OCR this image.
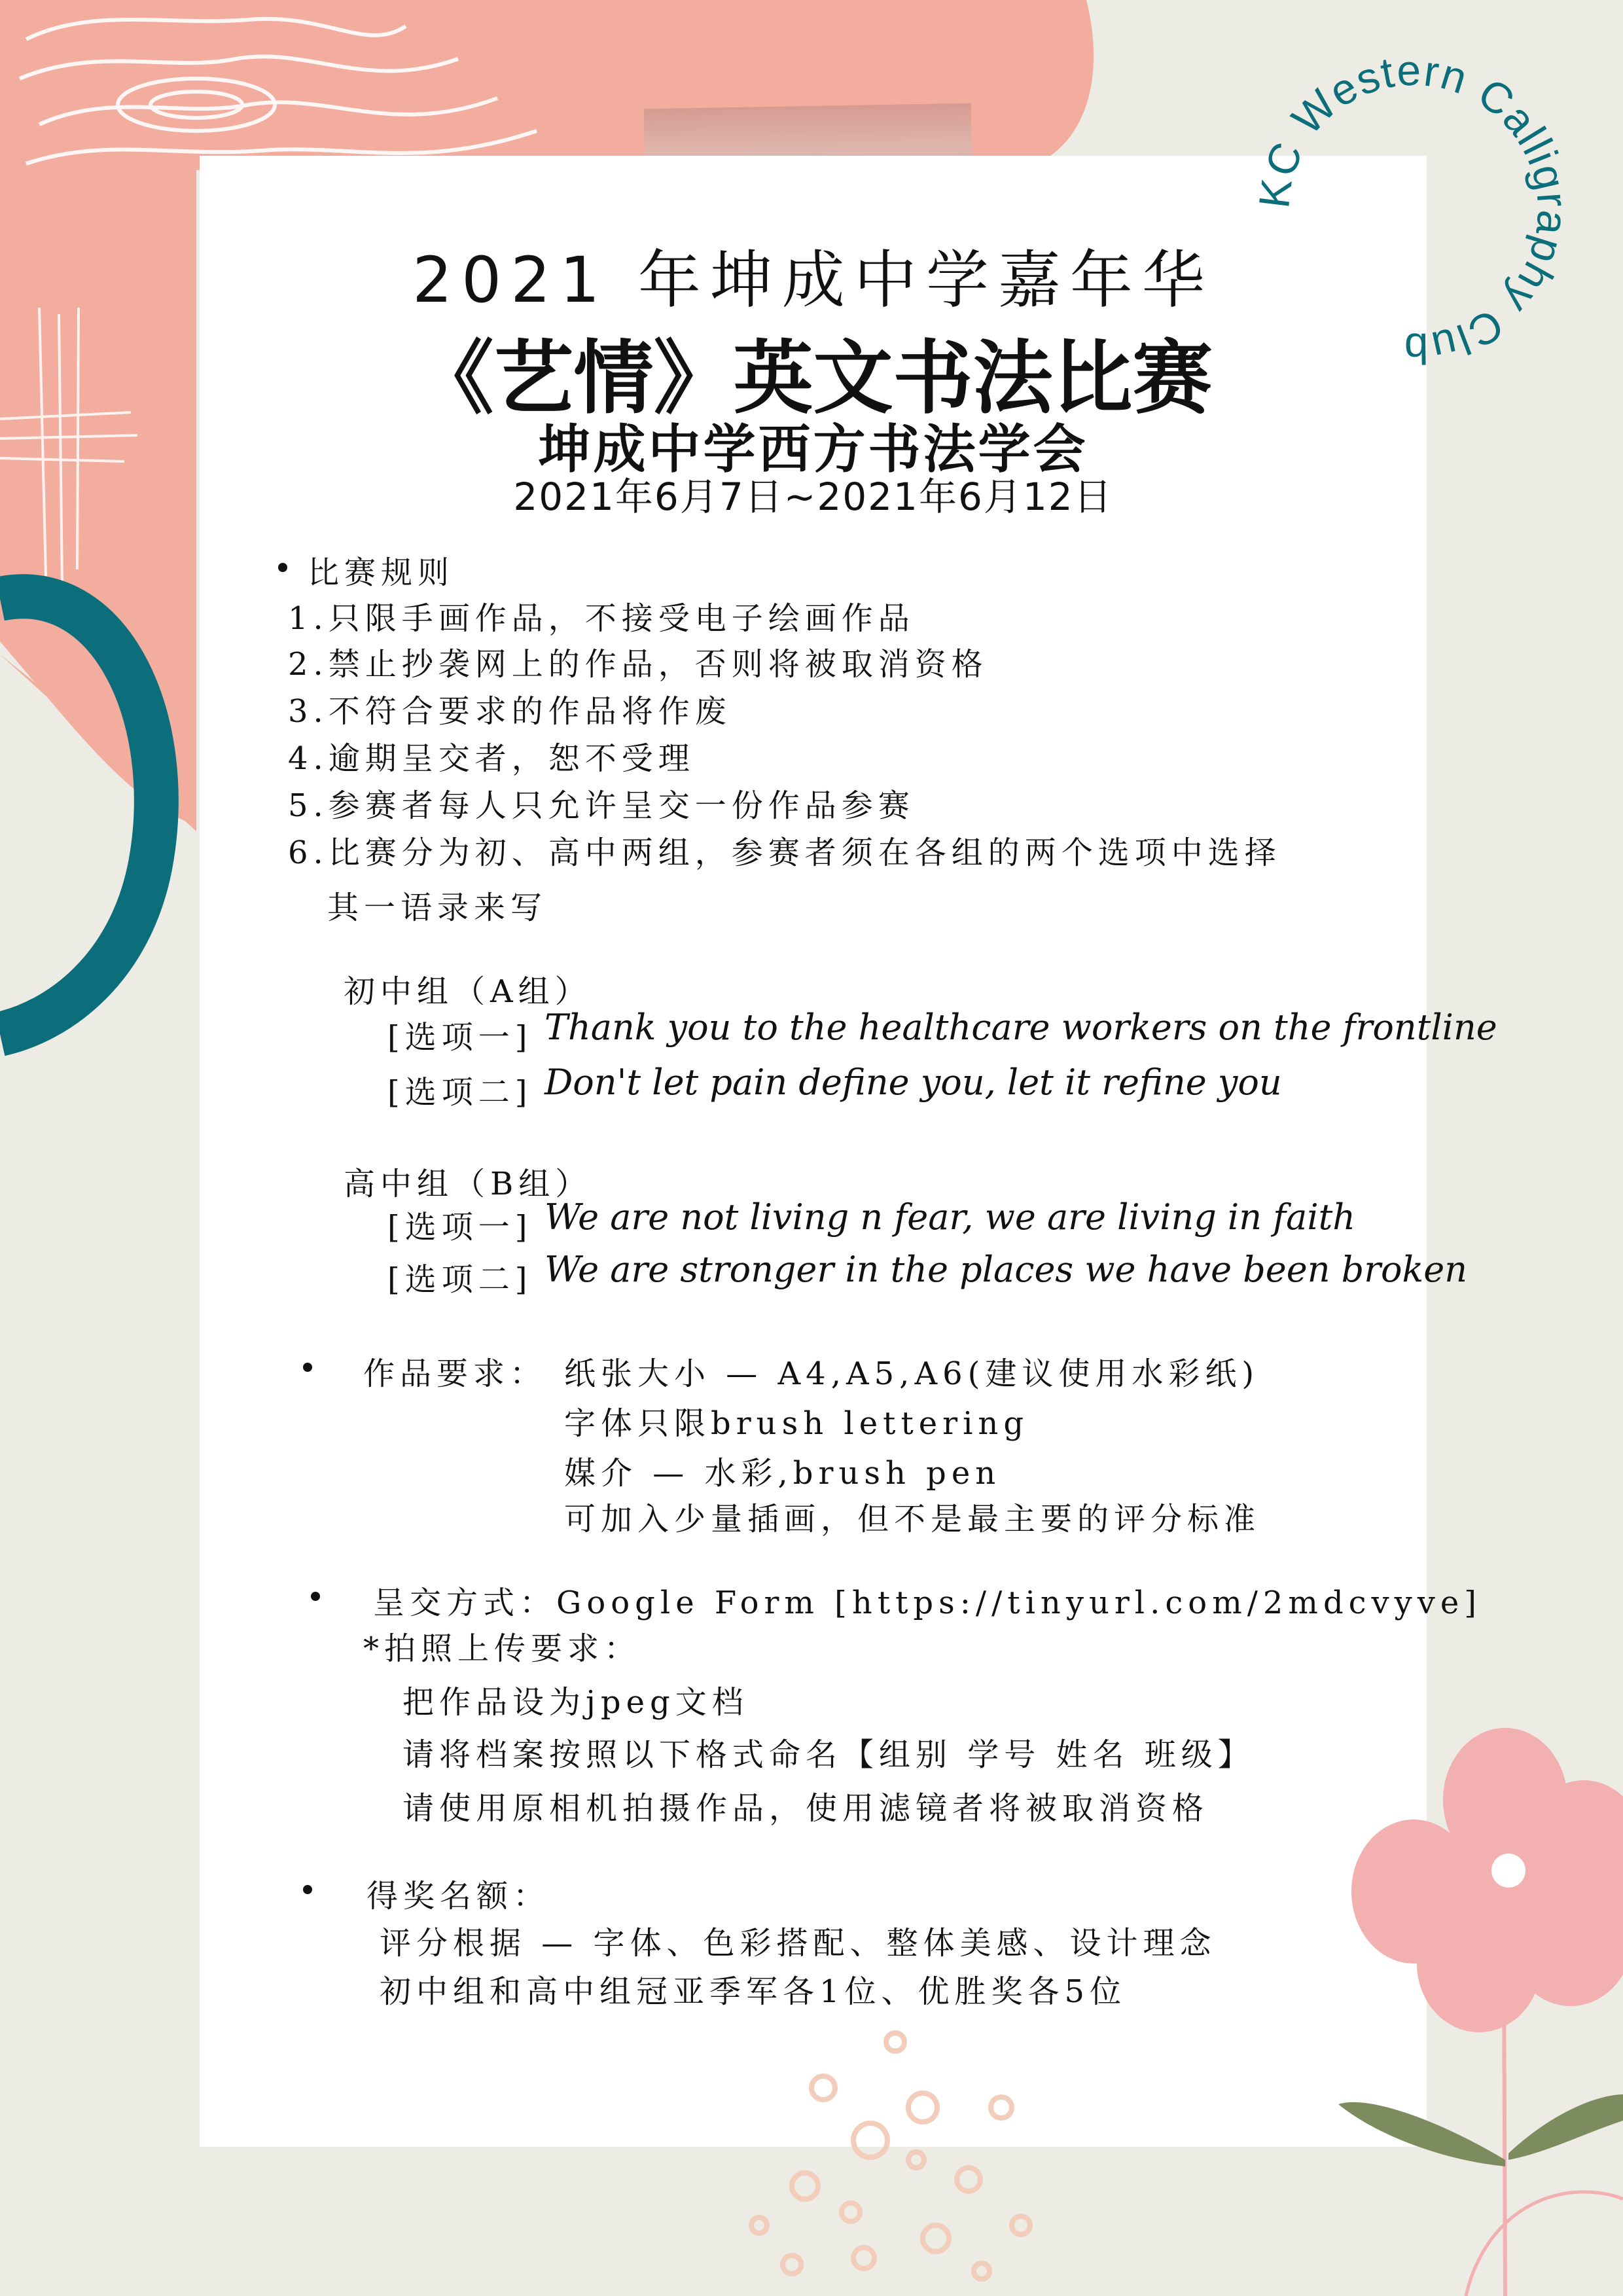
KC Western Calligraphy Club
2021 年坤成中学嘉年华
《艺情》英文书法比赛
坤成中学西方书法学会
2021年6月7日~2021年6月12日
比赛规则
1.只限手画作品，不接受电子绘画作品
2.禁止抄袭网上的作品，否则将被取消资格
3.不符合要求的作品将作废
4.逾期呈交者，恕不受理
5.参赛者每人只允许呈交一份作品参赛
6.比赛分为初、高中两组，参赛者须在各组的两个选项中选择
其一语录来写
初中组（A组）
[选项一] Thank you to the healthcare workers on the frontline
[选项二] Don't let pain define you, let it refine you
高中组（B组）
[选项一] We are not living n fear, we are living in faith
[选项二] We are stronger in the places we have been broken
作品要求： 纸张大小 — A4,A5,A6(建议使用水彩纸)
字体只限brush lettering
媒介 — 水彩,brush pen
可加入少量插画，但不是最主要的评分标准
呈交方式：Google Form [https://tinyurl.com/2mdcvyve]
*拍照上传要求：
把作品设为jpeg文档
请将档案按照以下格式命名【组别 学号 姓名 班级】
请使用原相机拍摄作品，使用滤镜者将被取消资格
得奖名额：
评分根据 — 字体、色彩搭配、整体美感、设计理念
初中组和高中组冠亚季军各1位、优胜奖各5位
